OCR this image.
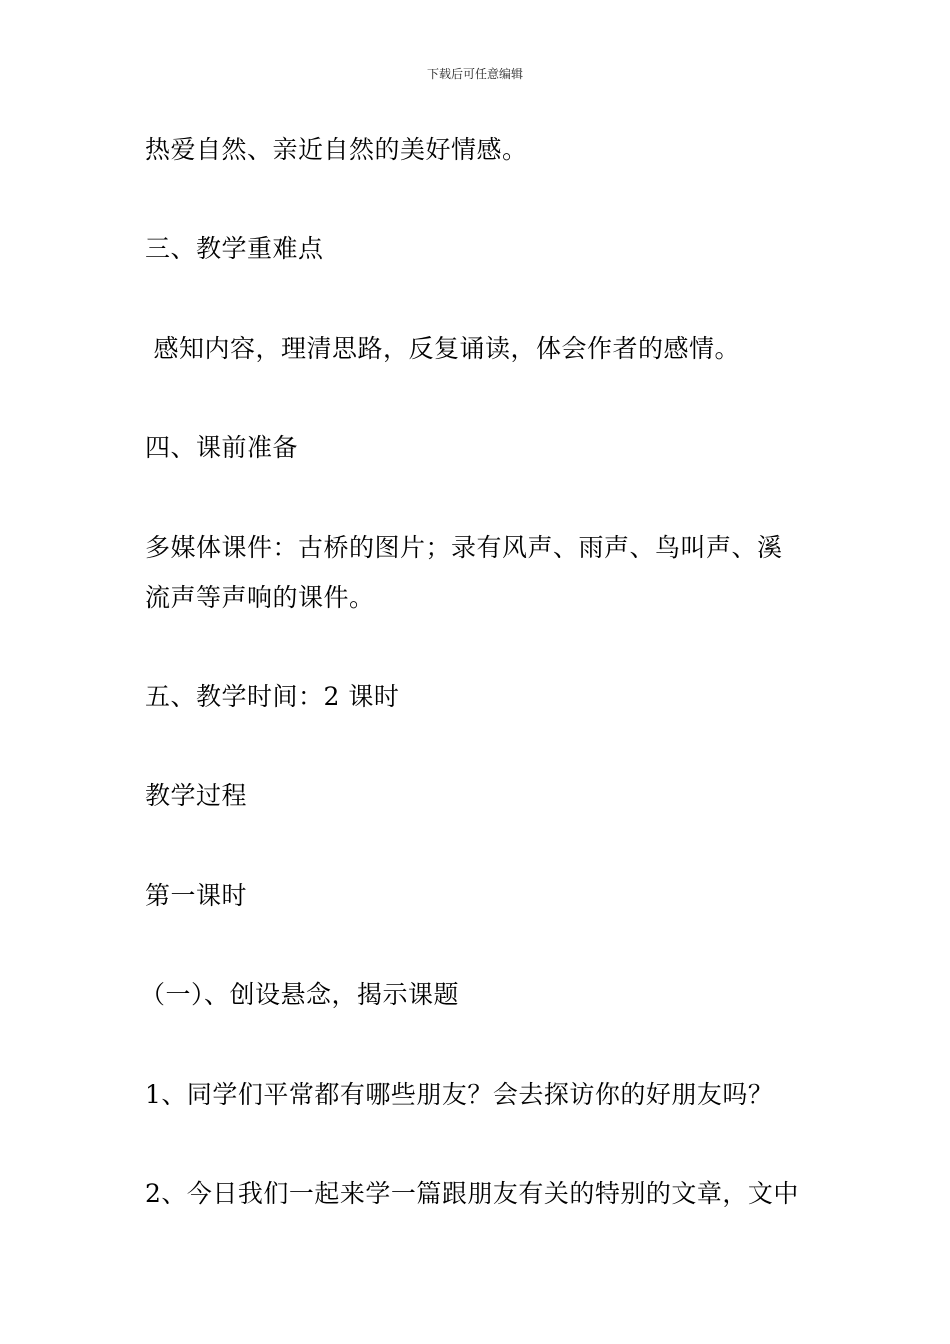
下载后可任意编辑
热爱自然、亲近自然的美好情感。
三、教学重难点
感知内容，理清思路，反复诵读，体会作者的感情。
四、课前准备
多媒体课件：古桥的图片；录有风声、雨声、鸟叫声、溪
流声等声响的课件。
五、教学时间：2 课时
教学过程
第一课时
（一）、创设悬念，揭示课题
1、同学们平常都有哪些朋友？会去探访你的好朋友吗？
2、今日我们一起来学一篇跟朋友有关的特别的文章，文中
